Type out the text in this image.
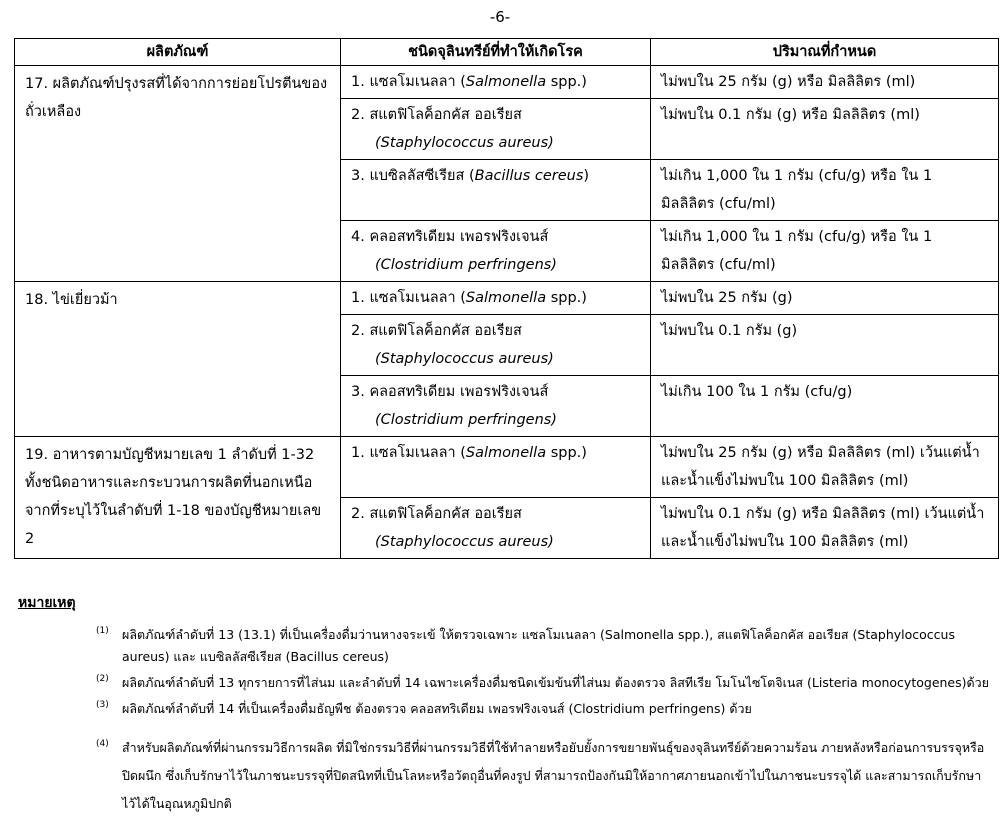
-6-
ผลิตภัณฑ์	ชนิดจุลินทรีย์ที่ทำให้เกิดโรค	ปริมาณที่กำหนด
17. ผลิตภัณฑ์ปรุงรสที่ได้จากการย่อยโปรตีนของถั่วเหลือง	1. แซลโมเนลลา (Salmonella spp.)	ไม่พบใน 25 กรัม (g) หรือ มิลลิลิตร (ml)
	2. สแตฟิโลค็อกคัส ออเรียส
(Staphylococcus aureus)	ไม่พบใน 0.1 กรัม (g) หรือ มิลลิลิตร (ml)
	3. แบซิลลัสซีเรียส (Bacillus cereus)	ไม่เกิน 1,000 ใน 1 กรัม (cfu/g) หรือ ใน 1 มิลลิลิตร (cfu/ml)
	4. คลอสทริเดียม เพอรฟริงเจนส์
(Clostridium perfringens)	ไม่เกิน 1,000 ใน 1 กรัม (cfu/g) หรือ ใน 1 มิลลิลิตร (cfu/ml)
18. ไข่เยี่ยวม้า	1. แซลโมเนลลา (Salmonella spp.)	ไม่พบใน 25 กรัม (g)
	2. สแตฟิโลค็อกคัส ออเรียส
(Staphylococcus aureus)	ไม่พบใน 0.1 กรัม (g)
	3. คลอสทริเดียม เพอรฟริงเจนส์
(Clostridium perfringens)	ไม่เกิน 100 ใน 1 กรัม (cfu/g)
19. อาหารตามบัญชีหมายเลข 1 ลำดับที่ 1-32 ทั้งชนิดอาหารและกระบวนการผลิตที่นอกเหนือจากที่ระบุไว้ในลำดับที่ 1-18 ของบัญชีหมายเลข 2	1. แซลโมเนลลา (Salmonella spp.)	ไม่พบใน 25 กรัม (g) หรือ มิลลิลิตร (ml) เว้นแต่น้ำและน้ำแข็งไม่พบใน 100 มิลลิลิตร (ml)
	2. สแตฟิโลค็อกคัส ออเรียส
(Staphylococcus aureus)	ไม่พบใน 0.1 กรัม (g) หรือ มิลลิลิตร (ml) เว้นแต่น้ำและน้ำแข็งไม่พบใน 100 มิลลิลิตร (ml)
หมายเหตุ
(1) ผลิตภัณฑ์ลำดับที่ 13 (13.1) ที่เป็นเครื่องดื่มว่านหางจระเข้ ให้ตรวจเฉพาะ แซลโมเนลลา (Salmonella spp.), สแตฟิโลค็อกคัส ออเรียส (Staphylococcus aureus) และ แบซิลลัสซีเรียส (Bacillus cereus)
(2) ผลิตภัณฑ์ลำดับที่ 13 ทุกรายการที่ไส่นม และลำดับที่ 14 เฉพาะเครื่องดื่มชนิดเข้มข้นที่ไส่นม ต้องตรวจ ลิสทีเรีย โมโนไซโตจิเนส (Listeria monocytogenes)ด้วย
(3) ผลิตภัณฑ์ลำดับที่ 14 ที่เป็นเครื่องดื่มธัญพืช ต้องตรวจ คลอสทริเดียม เพอรฟริงเจนส์ (Clostridium perfringens) ด้วย
(4) สำหรับผลิตภัณฑ์ที่ผ่านกรรมวิธีการผลิต ที่มิใช่กรรมวิธีที่ผ่านกรรมวิธีที่ใช้ทำลายหรือยับยั้งการขยายพันธุ์ของจุลินทรีย์ด้วยความร้อน ภายหลังหรือก่อนการบรรจุหรือปิดผนึก ซึ่งเก็บรักษาไว้ในภาชนะบรรจุที่ปิดสนิทที่เป็นโลหะหรือวัตถุอื่นที่คงรูป ที่สามารถป้องกันมิให้อากาศภายนอกเข้าไปในภาชนะบรรจุได้ และสามารถเก็บรักษาไว้ได้ในอุณหภูมิปกติ
